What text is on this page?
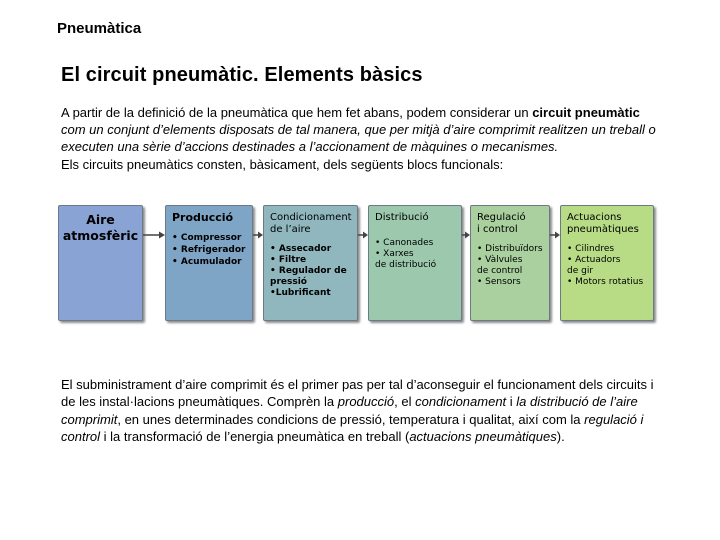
Pneumàtica
El circuit pneumàtic. Elements bàsics
A partir de la definició de la pneumàtica que hem fet abans, podem considerar un circuit pneumàtic com un conjunt d’elements disposats de tal manera, que per mitjà d’aire comprimit realitzen un treball o executen una sèrie d’accions destinades a l’accionament de màquines o mecanismes.
Els circuits pneumàtics consten, bàsicament, dels següents blocs funcionals:
Aire
atmosfèric
Producció
• Compressor
• Refrigerador
• Acumulador
Condicionament
de l’aire
• Assecador
• Filtre
• Regulador de
pressió
•Lubrificant
Distribució
• Canonades
• Xarxes
de distribució
Regulació
i control
• Distribuïdors
• Vàlvules
de control
• Sensors
Actuacions
pneumàtiques
• Cilindres
• Actuadors
de gir
• Motors rotatius
El subministrament d’aire comprimit és el primer pas per tal d’aconseguir el funcionament dels circuits i de les instal·lacions pneumàtiques. Comprèn la producció, el condicionament i la distribució de l’aire comprimit, en unes determinades condicions de pressió, temperatura i qualitat, així com la regulació i control i la transformació de l’energia pneumàtica en treball (actuacions pneumàtiques).
